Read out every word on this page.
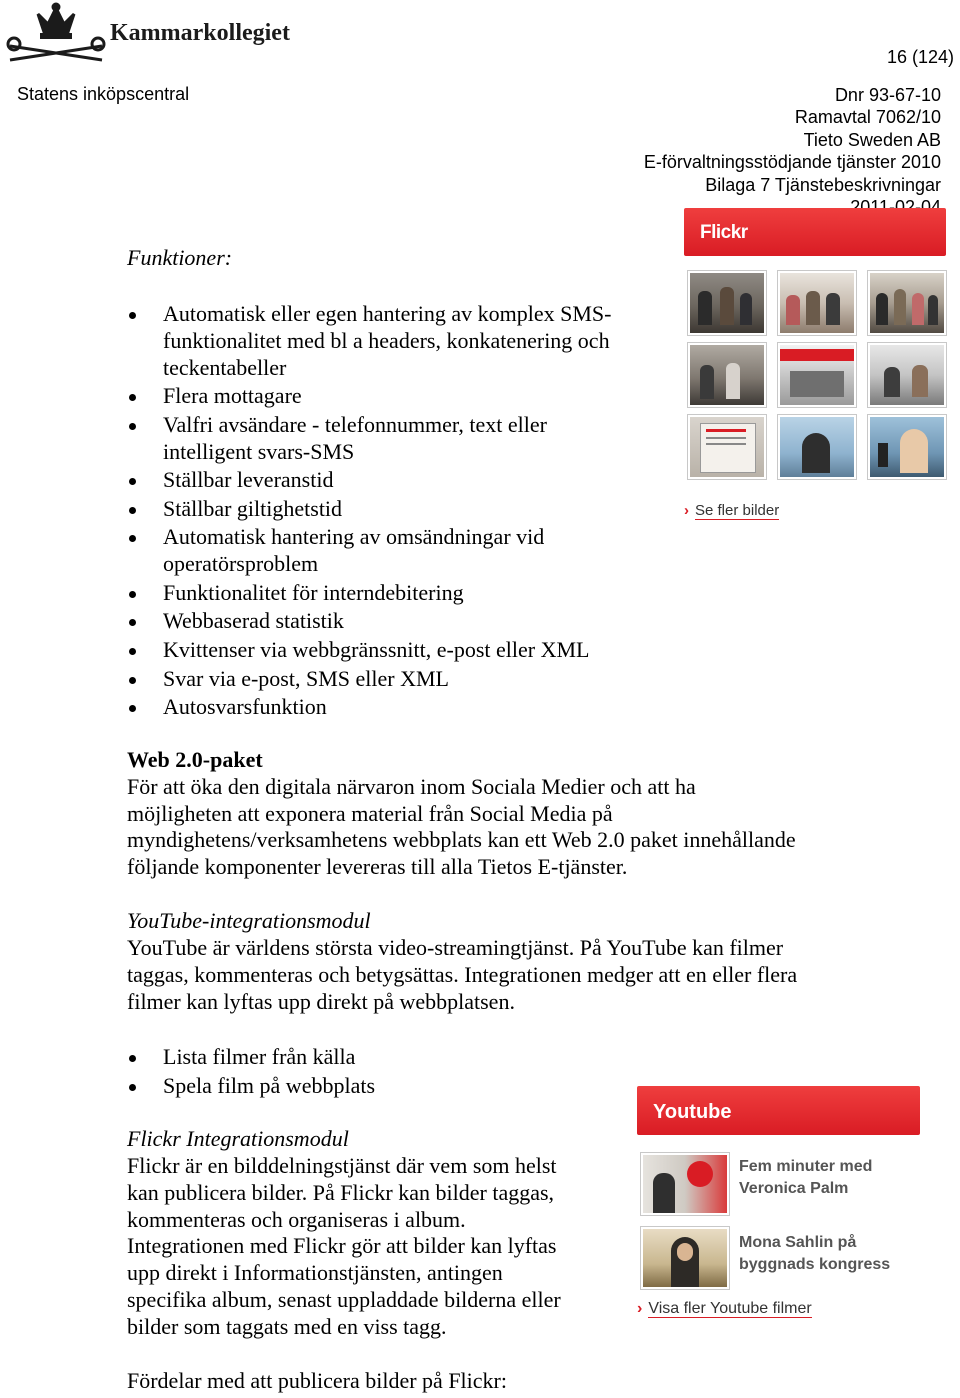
Kammarkollegiet
16 (124)
Statens inköpscentral	Dnr 93-67-10
Ramavtal 7062/10
Tieto Sweden AB
E-förvaltningsstödjande tjänster 2010
Bilaga 7 Tjänstebeskrivningar
Funktioner:
Automatisk eller egen hantering av komplex SMS-
funktionalitet med bl a headers, konkatenering och
teckentabeller
Flera mottagare
Valfri avsändare - telefonnummer, text eller
intelligent svars-SMS
Ställbar leveranstid
Ställbar giltighetstid
Automatisk hantering av omsändningar vid
operatörsproblem
Funktionalitet för interndebitering
Webbaserad statistik
Kvittenser via webbgränssnitt, e-post eller XML
Svar via e-post, SMS eller XML
Autosvarsfunktion
Web 2.0-paket
För att öka den digitala närvaron inom Sociala Medier och att ha
möjligheten att exponera material från Social Media på
myndighetens/verksamhetens webbplats kan ett Web 2.0 paket innehållande
följande komponenter levereras till alla Tietos E-tjänster.
YouTube-integrationsmodul
YouTube är världens största video-streamingtjänst. På YouTube kan filmer
taggas, kommenteras och betygsättas. Integrationen medger att en eller flera
filmer kan lyftas upp direkt på webbplatsen.
Lista filmer från källa
Spela film på webbplats
Flickr Integrationsmodul
Flickr är en bilddelningstjänst där vem som helst
kan publicera bilder. På Flickr kan bilder taggas,
kommenteras och organiseras i album.
Integrationen med Flickr gör att bilder kan lyftas
upp direkt i Informationstjänsten, antingen
specifika album, senast uppladdade bilderna eller
bilder som taggats med en viss tagg.
Fördelar med att publicera bilder på Flickr:
Flickr
› Se fler bilder
Youtube
Fem minuter med
Veronica Palm
Mona Sahlin på
byggnads kongress
› Visa fler Youtube filmer
